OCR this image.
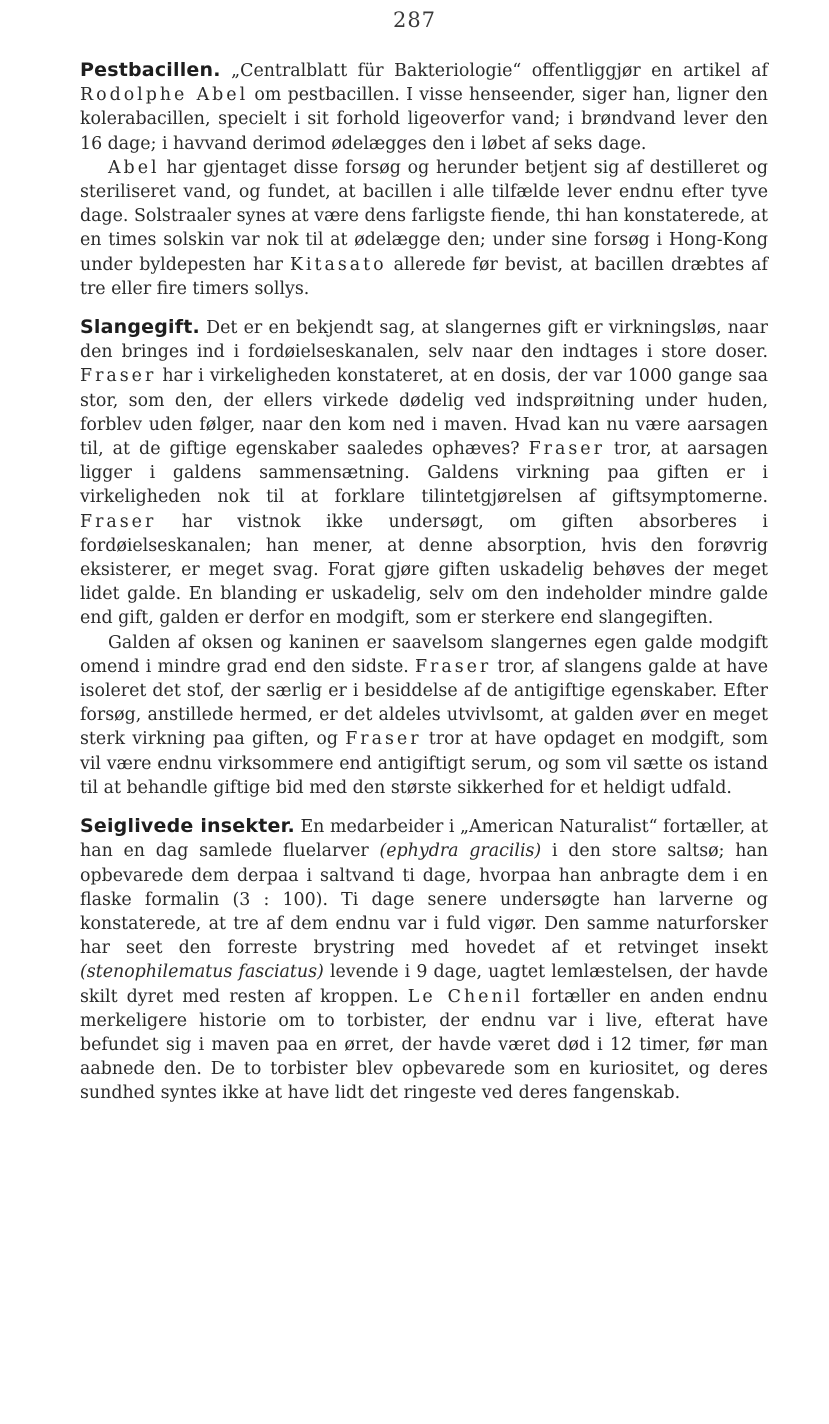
287

Pestbacillen. „Centralblatt für Bakteriologie“ offentliggjør en artikel af Rodolphe Abel om pestbacillen. I visse henseender, siger han, ligner den kolerabacillen, specielt i sit forhold ligeoverfor vand; i brøndvand lever den 16 dage; i havvand derimod ødelægges den i løbet af seks dage.

Abel har gjentaget disse forsøg og herunder betjent sig af destilleret og steriliseret vand, og fundet, at bacillen i alle tilfælde lever endnu efter tyve dage. Solstraaler synes at være dens farligste fiende, thi han konstaterede, at en times solskin var nok til at ødelægge den; under sine forsøg i Hong-Kong under byldepesten har Kitasato allerede før bevist, at bacillen dræbtes af tre eller fire timers sollys.

Slangegift. Det er en bekjendt sag, at slangernes gift er virkningsløs, naar den bringes ind i fordøielseskanalen, selv naar den indtages i store doser. Fraser har i virkeligheden konstateret, at en dosis, der var 1000 gange saa stor, som den, der ellers virkede dødelig ved indsprøitning under huden, forblev uden følger, naar den kom ned i maven. Hvad kan nu være aarsagen til, at de giftige egenskaber saaledes ophæves? Fraser tror, at aarsagen ligger i galdens sammensætning. Galdens virkning paa giften er i virkeligheden nok til at forklare tilintetgjørelsen af giftsymptomerne. Fraser har vistnok ikke undersøgt, om giften absorberes i fordøielseskanalen; han mener, at denne absorption, hvis den forøvrig eksisterer, er meget svag. Forat gjøre giften uskadelig behøves der meget lidet galde. En blanding er uskadelig, selv om den indeholder mindre galde end gift, galden er derfor en modgift, som er sterkere end slangegiften.

Galden af oksen og kaninen er saavelsom slangernes egen galde modgift omend i mindre grad end den sidste. Fraser tror, af slangens galde at have isoleret det stof, der særlig er i besiddelse af de antigiftige egenskaber. Efter forsøg, anstillede hermed, er det aldeles utvivlsomt, at galden øver en meget sterk virkning paa giften, og Fraser tror at have opdaget en modgift, som vil være endnu virksommere end antigiftigt serum, og som vil sætte os istand til at behandle giftige bid med den største sikkerhed for et heldigt udfald.

Seiglivede insekter. En medarbeider i „American Naturalist“ fortæller, at han en dag samlede fluelarver (ephydra gracilis) i den store saltsø; han opbevarede dem derpaa i saltvand ti dage, hvorpaa han anbragte dem i en flaske formalin (3 : 100). Ti dage senere undersøgte han larverne og konstaterede, at tre af dem endnu var i fuld vigør. Den samme naturforsker har seet den forreste brystring med hovedet af et retvinget insekt (stenophilematus fasciatus) levende i 9 dage, uagtet lemlæstelsen, der havde skilt dyret med resten af kroppen. Le Chenil fortæller en anden endnu merkeligere historie om to torbister, der endnu var i live, efterat have befundet sig i maven paa en ørret, der havde været død i 12 timer, før man aabnede den. De to torbister blev opbevarede som en kuriositet, og deres sundhed syntes ikke at have lidt det ringeste ved deres fangenskab.
